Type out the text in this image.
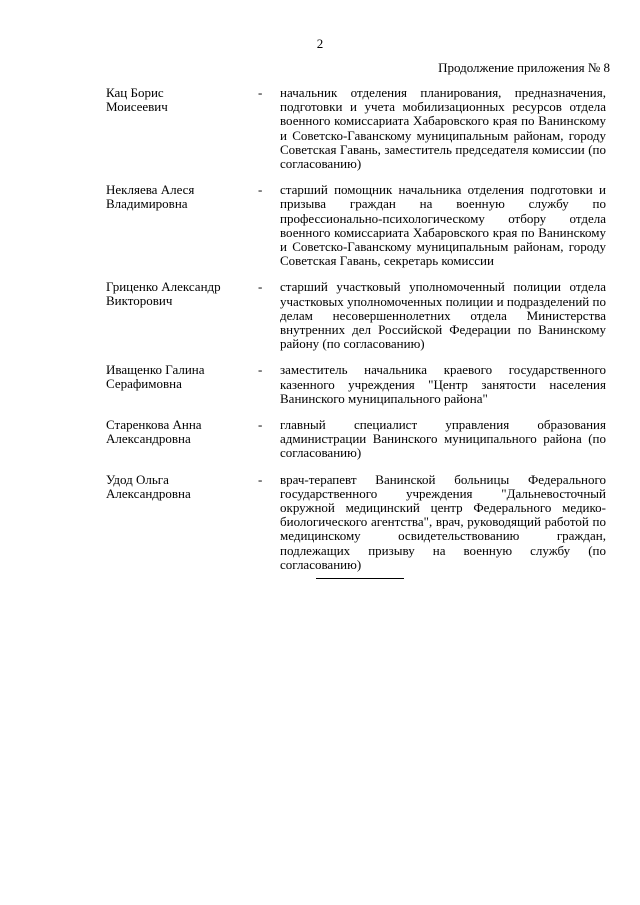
2
Продолжение приложения № 8
Кац Борис
Моисеевич
- начальник отделения планирования, предназначения, подготовки и учета мобилизационных ресурсов отдела военного комиссариата Хабаровского края по Ванинскому и Советско-Гаванскому муниципальным районам, городу Советская Гавань, заместитель председателя комиссии (по согласованию)
Некляева Алеся
Владимировна
- старший помощник начальника отделения подготовки и призыва граждан на военную службу по профессионально-психологическому отбору отдела военного комиссариата Хабаровского края по Ванинскому и Советско-Гаванскому муниципальным районам, городу Советская Гавань, секретарь комиссии
Гриценко Александр
Викторович
- старший участковый уполномоченный полиции отдела участковых уполномоченных полиции и подразделений по делам несовершеннолетних отдела Министерства внутренних дел Российской Федерации по Ванинскому району (по согласованию)
Иващенко Галина
Серафимовна
- заместитель начальника краевого государственного казенного учреждения "Центр занятости населения Ванинского муниципального района"
Старенкова Анна
Александровна
- главный специалист управления образования администрации Ванинского муниципального района (по согласованию)
Удод Ольга
Александровна
- врач-терапевт Ванинской больницы Федерального государственного учреждения "Дальневосточный окружной медицинский центр Федерального медико-биологического агентства", врач, руководящий работой по медицинскому освидетельствованию граждан, подлежащих призыву на военную службу (по согласованию)
